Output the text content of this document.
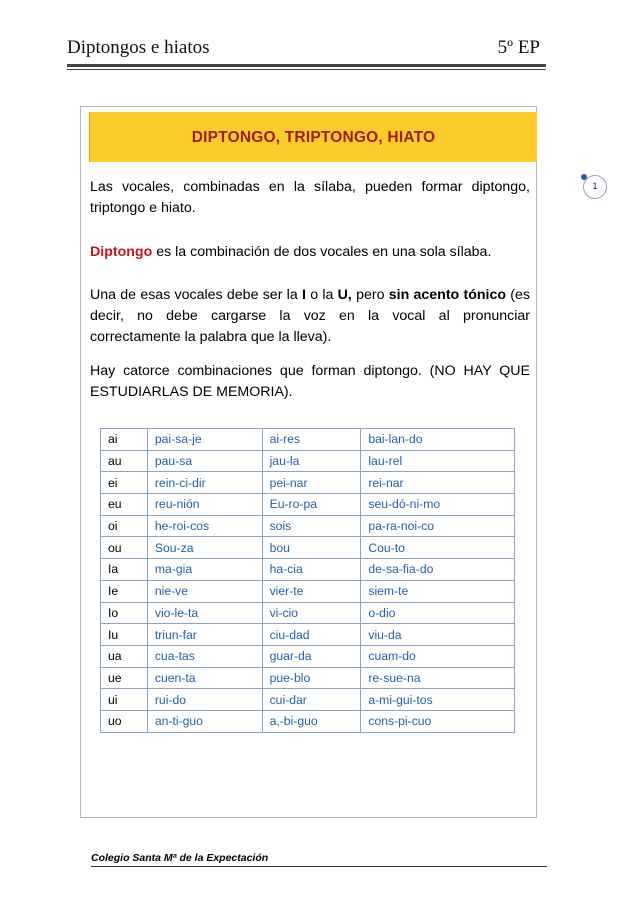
Diptongos e hiatos	5º EP
1
DIPTONGO, TRIPTONGO, HIATO
Las vocales, combinadas en la sílaba, pueden formar diptongo, triptongo e hiato.
Diptongo es la combinación de dos vocales en una sola sílaba.
Una de esas vocales debe ser la I o la U, pero sin acento tónico (es decir, no debe cargarse la voz en la vocal al pronunciar correctamente la palabra que la lleva).
Hay catorce combinaciones que forman diptongo. (NO HAY QUE ESTUDIARLAS DE MEMORIA).
ai	pai-sa-je	ai-res	bai-lan-do
au	pau-sa	jau-la	lau-rel
ei	rein-ci-dir	pei-nar	rei-nar
eu	reu-nión	Eu-ro-pa	seu-dó-ni-mo
oi	he-roi-cos	sois	pa-ra-noi-co
ou	Sou-za	bou	Cou-to
Ia	ma-gia	ha-cia	de-sa-fia-do
Ie	nie-ve	vier-te	siem-te
Io	vio-le-ta	vi-cio	o-dio
Iu	triun-far	ciu-dad	viu-da
ua	cua-tas	guar-da	cuam-do
ue	cuen-ta	pue-blo	re-sue-na
ui	rui-do	cui-dar	a-mi-gui-tos
uo	an-ti-guo	a,-bi-guo	cons-pi-cuo
Colegio Santa Mª de la Expectación
